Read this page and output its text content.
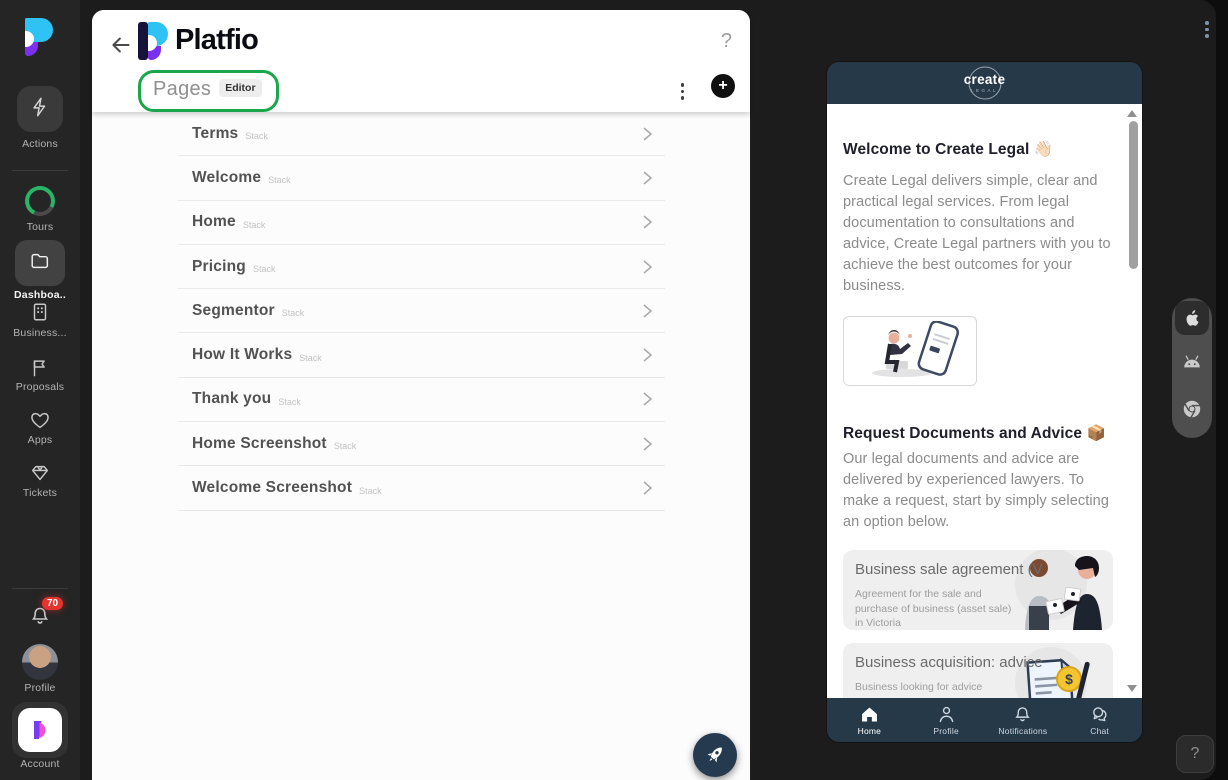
Actions
Tours
Dashboa..
Business...
Proposals
Apps
Tickets
70
Profile
Account
Platfio	?
Pages	Editor	+
Terms Stack
Welcome Stack
Home Stack
Pricing Stack
Segmentor Stack
How It Works Stack
Thank you Stack
Home Screenshot Stack
Welcome Screenshot Stack
create
LEGAL
Welcome to Create Legal 👋🏻
Create Legal delivers simple, clear and practical legal services. From legal documentation to consultations and advice, Create Legal partners with you to achieve the best outcomes for your business.
Request Documents and Advice 📦
Our legal documents and advice are delivered by experienced lawyers. To make a request, start by simply selecting an option below.
Business sale agreement (V
Agreement for the sale and purchase of business (asset sale) in Victoria
Business acquisition: advice
Business looking for advice	$
Home	Profile	Notifications	Chat
?
